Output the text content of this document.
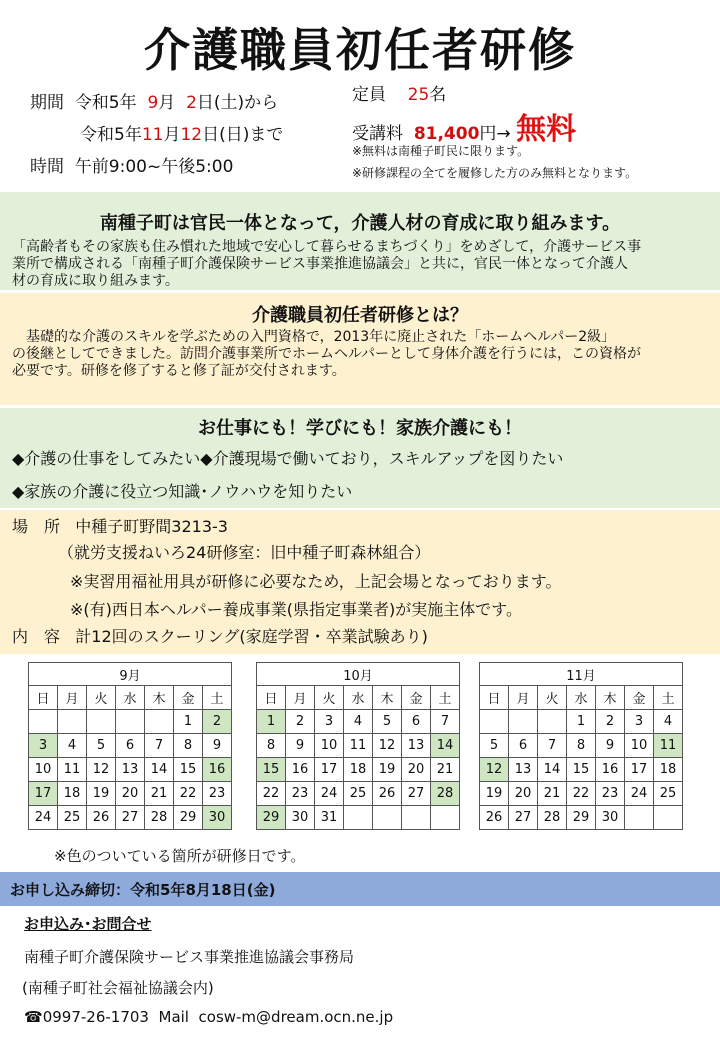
介護職員初任者研修
期間 令和5年 9月 2日(土)から
令和5年11月12日(日)まで
時間 午前9:00~午後5:00
定員 25名
受講料 81,400円→ 無料
※無料は南種子町民に限ります。
※研修課程の全てを履修した方のみ無料となります。
南種子町は官民一体となって，介護人材の育成に取り組みます。
「高齢者もその家族も住み慣れた地域で安心して暮らせるまちづくり」をめざして，介護サービス事
業所で構成される「南種子町介護保険サービス事業推進協議会」と共に，官民一体となって介護人
材の育成に取り組みます。
介護職員初任者研修とは？
基礎的な介護のスキルを学ぶための入門資格で，2013年に廃止された「ホームヘルパー2級」
の後継としてできました。訪問介護事業所でホームヘルパーとして身体介護を行うには，この資格が
必要です。研修を修了すると修了証が交付されます。
お仕事にも！学びにも！家族介護にも！
◆介護の仕事をしてみたい◆介護現場で働いており，スキルアップを図りたい
◆家族の介護に役立つ知識･ノウハウを知りたい
場　所 中種子町野間3213-3
（就労支援ねいろ24研修室：旧中種子町森林組合）
※実習用福祉用具が研修に必要なため，上記会場となっております。
※(有)西日本ヘルパー養成事業(県指定事業者)が実施主体です。
内　容 計12回のスクーリング(家庭学習・卒業試験あり)
9月						
日	月	火	水	木	金	土
					1	2
3	4	5	6	7	8	9
10	11	12	13	14	15	16
17	18	19	20	21	22	23
24	25	26	27	28	29	30
10月						
日	月	火	水	木	金	土
1	2	3	4	5	6	7
8	9	10	11	12	13	14
15	16	17	18	19	20	21
22	23	24	25	26	27	28
29	30	31				
11月						
日	月	火	水	木	金	土
			1	2	3	4
5	6	7	8	9	10	11
12	13	14	15	16	17	18
19	20	21	22	23	24	25
26	27	28	29	30		
※色のついている箇所が研修日です。
お申し込み締切：令和5年8月18日(金)
お申込み･お問合せ
南種子町介護保険サービス事業推進協議会事務局
(南種子町社会福祉協議会内)
☎0997-26-1703 Mail cosw-m@dream.ocn.ne.jp
